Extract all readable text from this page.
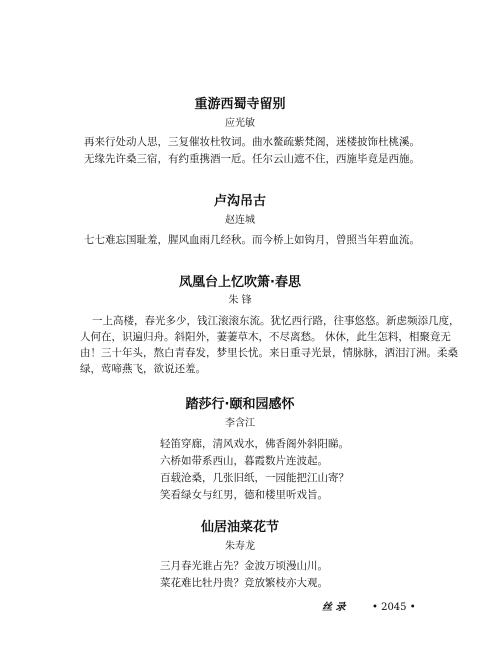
重游西蜀寺留别
应光敏
再来行处动人思，三复催妆杜牧词。曲水鳌疏紫梵阁，迷楼披饰杜桃溪。
无缘先许桑三宿，有约重携酒一卮。任尔云山遮不住，西施毕竟是西施。
卢沟吊古
赵连城
七七难忘国耻羞，腥风血雨几经秋。而今桥上如钩月，曾照当年碧血流。
凤凰台上忆吹箫·春思
朱 锋
一上高楼，春光多少，钱江滚滚东流。犹忆西行路，往事悠悠。新虑频添几度，
人何在，识遍归舟。斜阳外，萋萋草木，不尽离愁。 休休，此生怎料，相聚竟无
由！三十年头，熬白青春发，梦里长忧。来日重寻光景，情脉脉，洒泪汀洲。柔桑
绿，莺啼燕飞，欲说还羞。
踏莎行·颐和园感怀
李含江
轻笛穿廊，清风戏水，佛香阁外斜阳睇。
六桥如带系西山，暮霞数片连波起。
百载沧桑，几张旧纸，一园能把江山寄？
笑看绿女与红男，德和楼里听戏旨。
仙居油菜花节
朱寿龙
三月春光谁占先？金波万顷漫山川。
菜花难比牡丹贵？竞放繁枝亦大观。
丝 录	• 2045 •
